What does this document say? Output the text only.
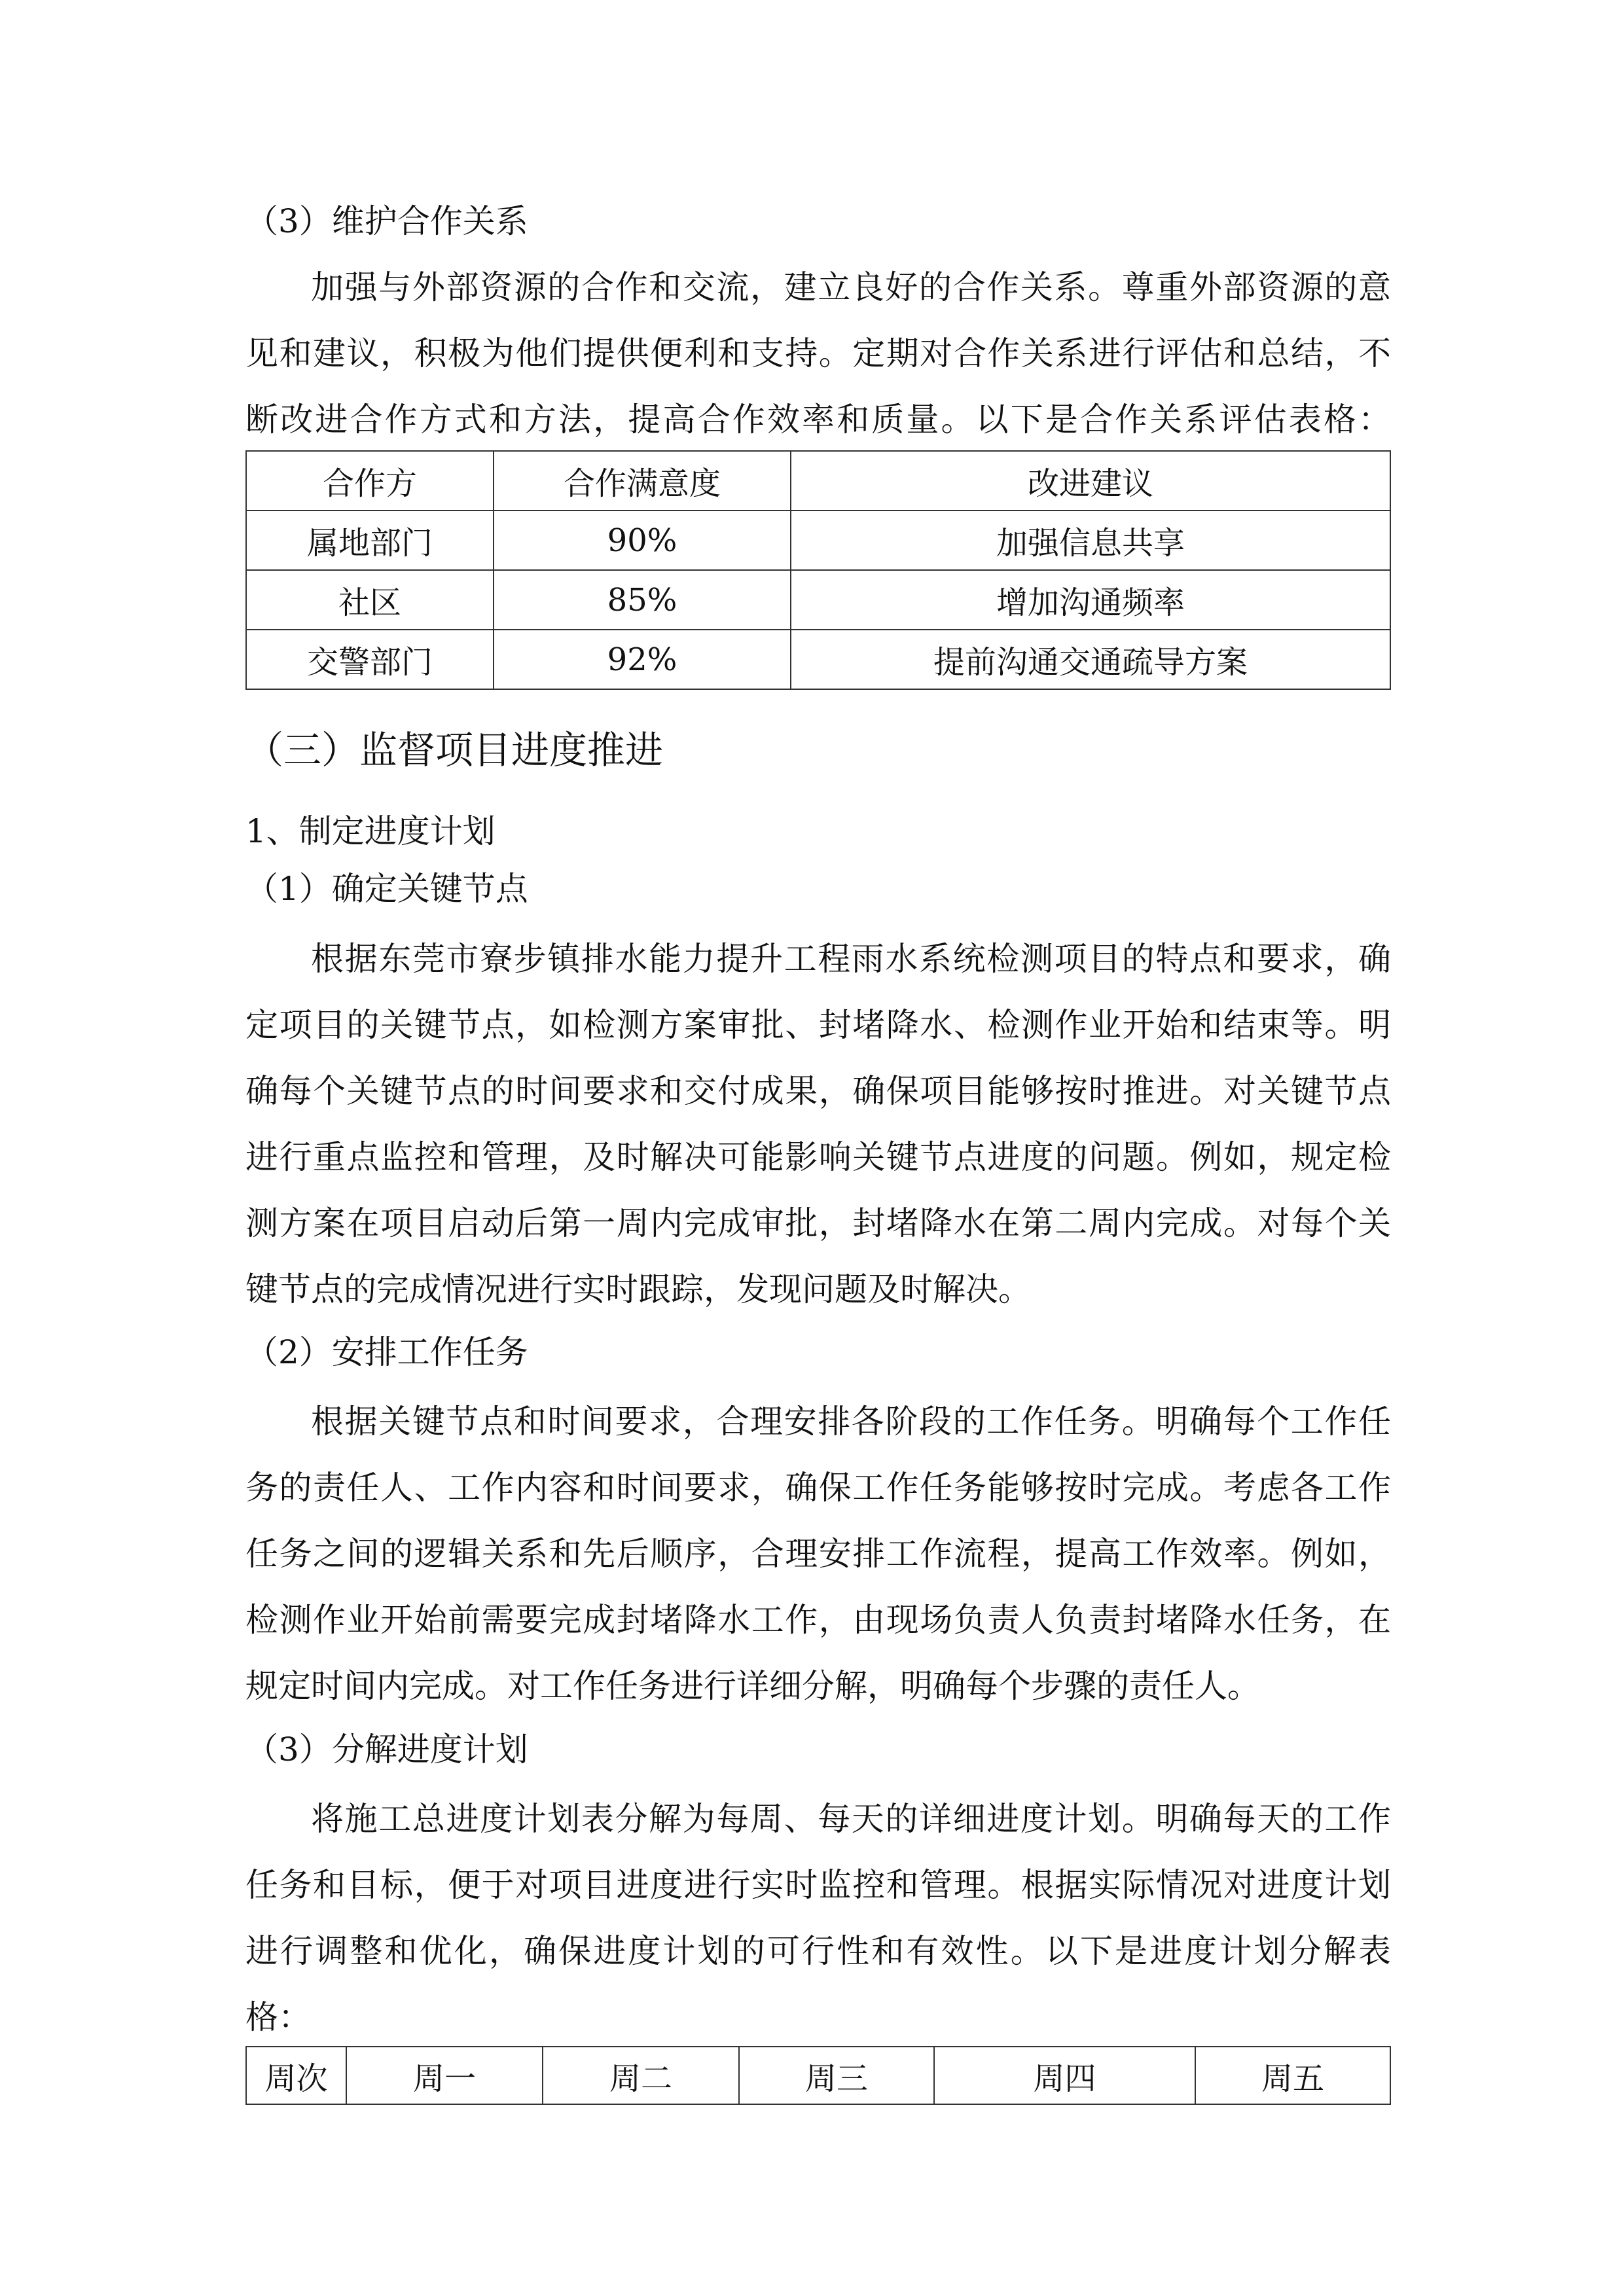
（3）维护合作关系
加强与外部资源的合作和交流，建立良好的合作关系。尊重外部资源的意
见和建议，积极为他们提供便利和支持。定期对合作关系进行评估和总结，不
断改进合作方式和方法，提高合作效率和质量。以下是合作关系评估表格：
合作方	合作满意度	改进建议
属地部门	90%	加强信息共享
社区	85%	增加沟通频率
交警部门	92%	提前沟通交通疏导方案
（三）监督项目进度推进
1、制定进度计划
（1）确定关键节点
根据东莞市寮步镇排水能力提升工程雨水系统检测项目的特点和要求，确
定项目的关键节点，如检测方案审批、封堵降水、检测作业开始和结束等。明
确每个关键节点的时间要求和交付成果，确保项目能够按时推进。对关键节点
进行重点监控和管理，及时解决可能影响关键节点进度的问题。例如，规定检
测方案在项目启动后第一周内完成审批，封堵降水在第二周内完成。对每个关
键节点的完成情况进行实时跟踪，发现问题及时解决。
（2）安排工作任务
根据关键节点和时间要求，合理安排各阶段的工作任务。明确每个工作任
务的责任人、工作内容和时间要求，确保工作任务能够按时完成。考虑各工作
任务之间的逻辑关系和先后顺序，合理安排工作流程，提高工作效率。例如，
检测作业开始前需要完成封堵降水工作，由现场负责人负责封堵降水任务，在
规定时间内完成。对工作任务进行详细分解，明确每个步骤的责任人。
（3）分解进度计划
将施工总进度计划表分解为每周、每天的详细进度计划。明确每天的工作
任务和目标，便于对项目进度进行实时监控和管理。根据实际情况对进度计划
进行调整和优化，确保进度计划的可行性和有效性。以下是进度计划分解表
格：
周次	周一	周二	周三	周四	周五
